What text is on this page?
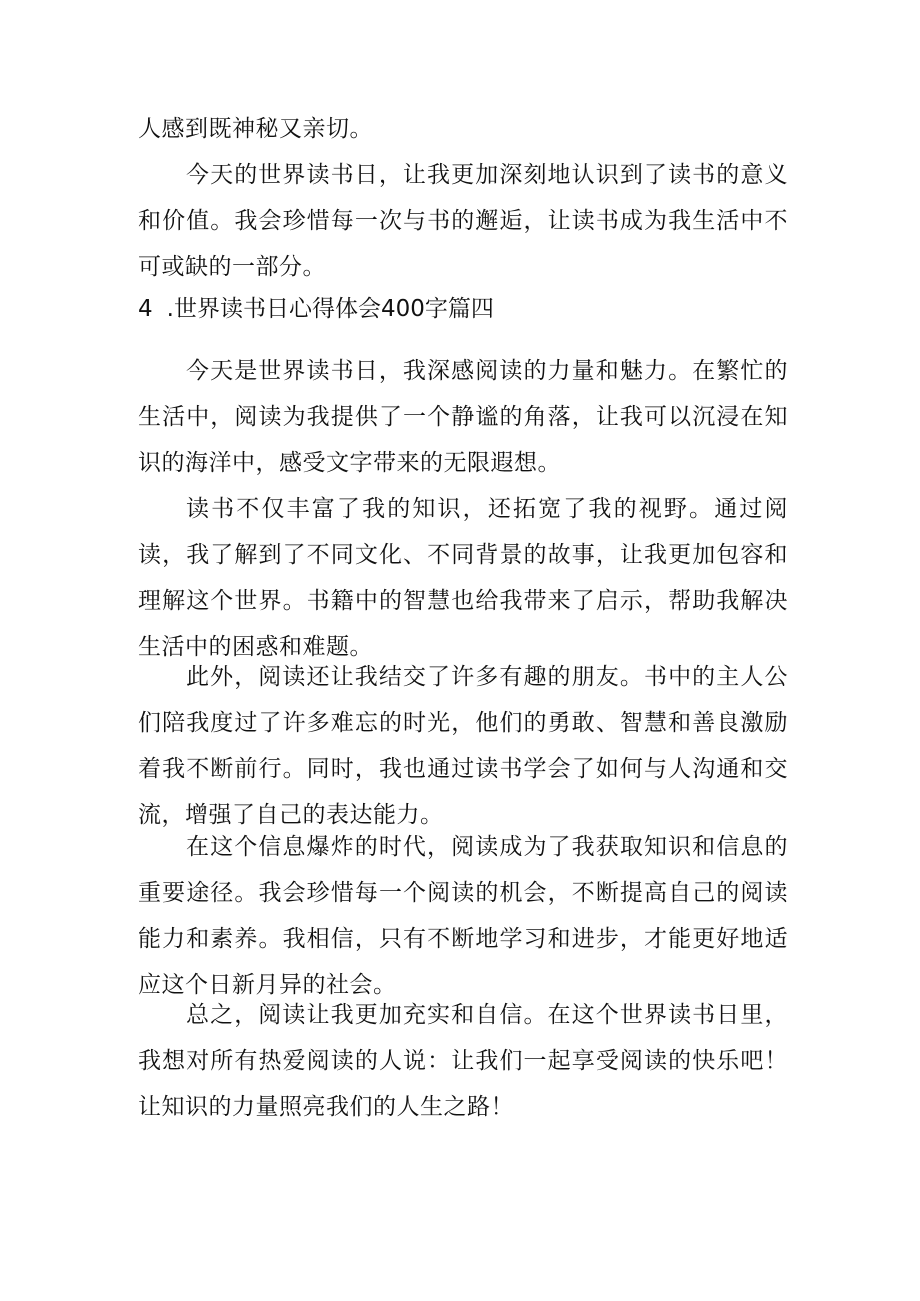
人感到既神秘又亲切。

今天的世界读书日，让我更加深刻地认识到了读书的意义和价值。我会珍惜每一次与书的邂逅，让读书成为我生活中不可或缺的一部分。

4 .世界读书日心得体会400字篇四

今天是世界读书日，我深感阅读的力量和魅力。在繁忙的生活中，阅读为我提供了一个静谧的角落，让我可以沉浸在知识的海洋中，感受文字带来的无限遐想。

读书不仅丰富了我的知识，还拓宽了我的视野。通过阅读，我了解到了不同文化、不同背景的故事，让我更加包容和理解这个世界。书籍中的智慧也给我带来了启示，帮助我解决生活中的困惑和难题。

此外，阅读还让我结交了许多有趣的朋友。书中的主人公们陪我度过了许多难忘的时光，他们的勇敢、智慧和善良激励着我不断前行。同时，我也通过读书学会了如何与人沟通和交流，增强了自己的表达能力。

在这个信息爆炸的时代，阅读成为了我获取知识和信息的重要途径。我会珍惜每一个阅读的机会，不断提高自己的阅读能力和素养。我相信，只有不断地学习和进步，才能更好地适应这个日新月异的社会。

总之，阅读让我更加充实和自信。在这个世界读书日里，我想对所有热爱阅读的人说：让我们一起享受阅读的快乐吧！让知识的力量照亮我们的人生之路！
